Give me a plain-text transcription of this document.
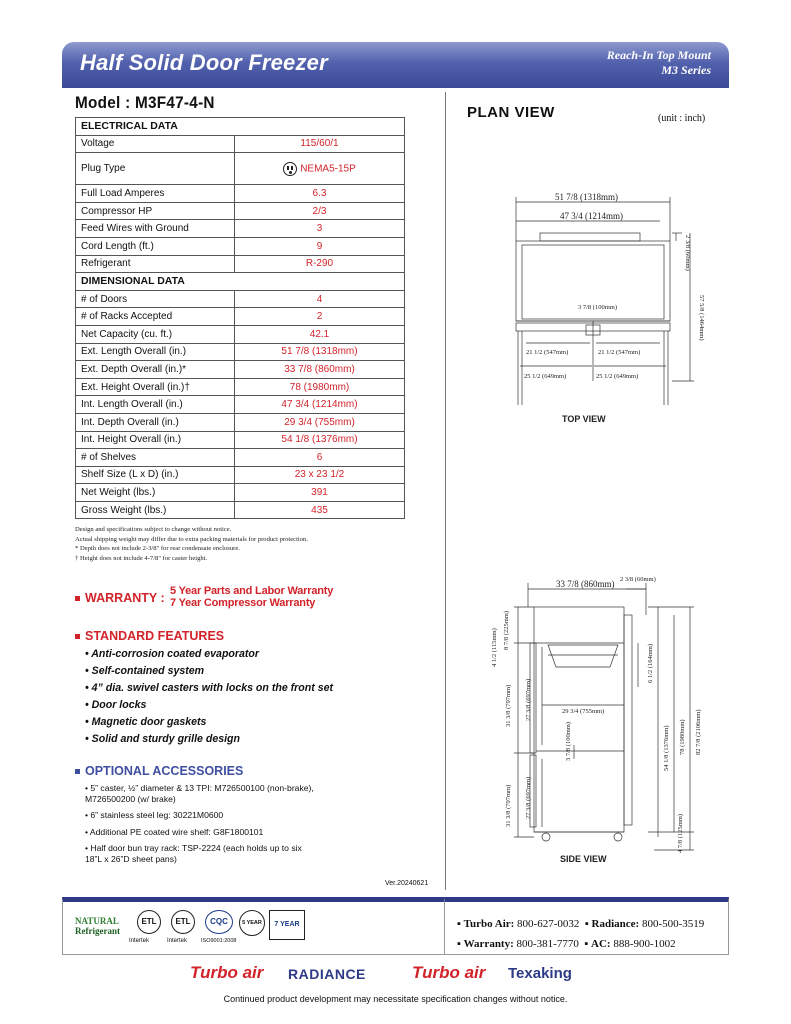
Half Solid Door Freezer	Reach-In Top Mount
M3 Series
Model : M3F47-4-N
ELECTRICAL DATA	
Voltage	115/60/1
Plug Type	NEMA5-15P
Full Load Amperes	6.3
Compressor HP	2/3
Feed Wires with Ground	3
Cord Length (ft.)	9
Refrigerant	R-290
DIMENSIONAL DATA	
# of Doors	4
# of Racks Accepted	2
Net Capacity (cu. ft.)	42.1
Ext. Length Overall (in.)	51 7/8 (1318mm)
Ext. Depth Overall (in.)*	33 7/8 (860mm)
Ext. Height Overall (in.)†	78 (1980mm)
Int. Length Overall (in.)	47 3/4 (1214mm)
Int. Depth Overall (in.)	29 3/4 (755mm)
Int. Height Overall (in.)	54 1/8 (1376mm)
# of Shelves	6
Shelf Size (L x D) (in.)	23 x 23 1/2
Net Weight (lbs.)	391
Gross Weight (lbs.)	435
Design and specifications subject to change without notice.
Actual shipping weight may differ due to extra packing materials for product protection.
* Depth does not include 2-3/8" for rear condensate enclosure.
† Height does not include 4-7/8" for caster height.
WARRANTY : 5 Year Parts and Labor Warranty
7 Year Compressor Warranty
STANDARD FEATURES
• Anti-corrosion coated evaporator
• Self-contained system
• 4” dia. swivel casters with locks on the front set
• Door locks
• Magnetic door gaskets
• Solid and sturdy grille design
OPTIONAL ACCESSORIES
• 5” caster, ½” diameter & 13 TPI: M726500100 (non-brake), M726500200 (w/ brake)
• 6” stainless steel leg: 30221M0600
• Additional PE coated wire shelf: G8F1800101
• Half door bun tray rack: TSP-2224 (each holds up to six 18”L x 26”D sheet pans)
Ver.20240621
PLAN VIEW	(unit : inch)
51 7/8 (1318mm)
47 3/4 (1214mm)
2 3/8 (60mm)
57 5/8 (1464mm)
3 7/8 (100mm)
21 1/2 (547mm)	21 1/2 (547mm)
25 1/2 (649mm)	25 1/2 (649mm)
TOP VIEW
33 7/8 (860mm) 2 3/8 (60mm)
8 7/8 (225mm)
4 1/2 (115mm)
31 3/8 (797mm) 27 3/8 (697mm)	29 3/4 (755mm)
3 7/8 (100mm)
31 3/8 (797mm) 27 3/8 (697mm)
6 1/2 (164mm)
54 1/8 (1376mm) 78 (1980mm) 82 7/8 (2106mm)
4 7/8 (125mm)
SIDE VIEW
NATURAL
Refrigerant
ETL
Intertek
ETL
Intertek
CQC
ISO9001:2008
5 YEAR	7 YEAR	▪ Turbo Air: 800-627-0032 ▪ Radiance: 800-500-3519
▪ Warranty: 800-381-7770 ▪ AC: 888-900-1002
Turbo air RADIANCE	Turbo air Texaking
Continued product development may necessitate specification changes without notice.
